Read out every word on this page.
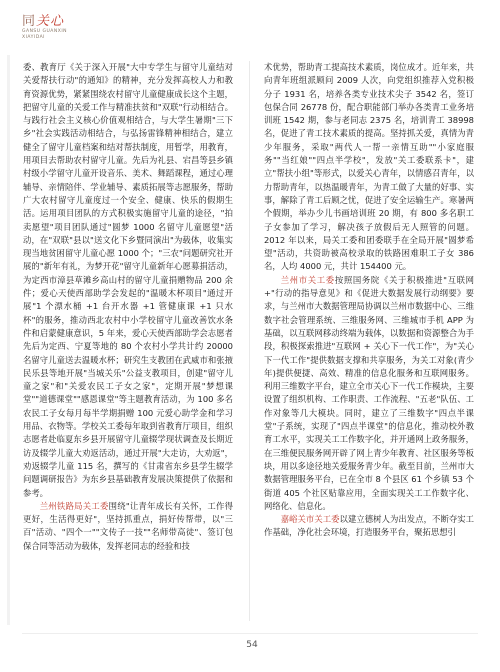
同关心
GANSU GUANXIN
XIAYIDAI

委、教育厅《关于深入开展"大中专学生与留守儿童结对关爱帮扶行动"的通知》的精神，充分发挥高校人力和教育资源优势，紧紧围绕农村留守儿童健康成长这个主题，把留守儿童的关爱工作与精准扶贫和"双联"行动相结合。与践行社会主义核心价值观相结合，与大学生暑期"三下乡"社会实践活动相结合，与弘扬雷锋精神相结合，建立健全了留守儿童档案和结对帮扶制度，用暂学，用教育，用项目去帮助农村留守儿童。先后为礼县、宕昌等县乡镇村级小学留守儿童开设音乐、美术、舞蹈课程，通过心理辅导、亲情陪伴、学业辅导、素质拓展等志愿服务，帮助广大农村留守儿童度过一个安全、健康、快乐的假期生活。运用项目团队的方式积极实施留守儿童的途径，"拍卖愿望"项目团队通过"圆梦 1000 名留守儿童愿望"活动，在"双联"县以"送文化下乡暨同演出"为载体，收集实现当地贫困留守儿童心愿 1000 个；"三农"问题研究社开展的"新年有礼，为梦开花"留守儿童新年心愿募捐活动，为定西市漳县草滩乡高山村的留守儿童捐赠物品 200 余件；爱心天使西部助学会发起的"温暖木杯项目"通过开展"1 个漂水桶 +1 台开水器 +1 管健康课 +1 只水杯"的服务，推动西北农村中小学校留守儿童改善饮水条件和启蒙健康意识，5 年来，爱心天使西部助学会志愿者先后为定西、宁夏等地的 80 个农村小学共计约 20000 名留守儿童送去温暖水杯；研究生支教团在武威市和张掖民乐县等地开展"当城关乐"公益支教项目，创建"留守儿童之家"和"关爱农民工子女之家"，定期开展"梦想课堂""道德课堂""感恩课堂"等主题教育活动，为 100 多名农民工子女每月每半学期捐赠 100 元爱心助学金和学习用品、衣物等。学校关工委每年取到省教育厅项目，组织志愿者赴临夏东乡县开展留守儿童辍学现状调查及长期近访及辍学儿童大劝返活动，通过开展"大走访，大劝返"，劝返辍学儿童 115 名，撰写的《甘肃省东乡县学生辍学问题调研报告》为东乡县基础教育发展决策提供了依据和参考。

兰州铁路局关工委围绕"让青年成长有关怀，工作得更好，生活得更好"，坚持抓重点，捐好传帮带，以"三百"活动、"四个一""文传子一技""名师带高徒"、签订包保合同等活动为载体，发挥老同志的经验和技

术优势，帮助青工提高技术素质，岗位成才。近年来，共向青年班组派顾问 2009 人次，向党组织推荐入党积极分子 1931 名，培养各类专业技术尖子 3542 名，签订包保合同 26778 份，配合职能部门举办各类青工业务培训班 1542 期，参与老同志 2375 名，培训青工 38998 名，促进了青工技术素质的提高。坚持抓关爱，真情为青少年服务，采取"两代人一帮一亲情互助""小家庭服务""当红娘""四点半学校"，发放"关工委联系卡"，建立"帮扶小组"等形式，以爱关心青年，以情感召青年，以力帮助青年，以热温暖青年，为青工做了大量的好事、实事，解除了青工后顾之忧，促进了安全运输生产。寒暑两个假期，举办少儿书画培训班 20 期，有 800 多名职工子女参加了学习，解决孩子放假后无人照管的问题。2012 年以来，局关工委和团委联手在全局开展"圆梦希望"活动，共资助被高校录取的铁路困难职工子女 386 名，人均 4000 元，共计 154400 元。

兰州市关工委按照国务院《关于积极推进"互联网 +"行动的指导意见》和《促进大数据发展行动纲要》要求，与兰州市大数据管理局协调以兰州市数据中心、三维数字社会管理系统、三维服务网、三维城市手机 APP 为基础，以互联网移动终端为载体，以数据和资源整合为手段，积极探索推进"互联网 + 关心下一代工作"，为"关心下一代工作"提供数据支撑和共享服务，为关工对象(青少年)提供便捷、高效、精准的信息化服务和互联网服务。利用三维数字平台，建立全市关心下一代工作模块，主要设置了组织机构、工作职责、工作流程、"五老"队伍、工作对象等几大模块。同时，建立了三维数字"四点半课堂"子系统，实现了"四点半课堂"的信息化，推动校外教育工水平，实现关工工作数字化，并开通网上政务服务，在三维便民服务网开辟了网上青少年教育、社区服务等板块，用以多途径地关爱服务青少年。截至目前，兰州市大数据管理服务平台，已在全市 8 个县区 61 个乡镇 53 个街道 405 个社区贴靠应用，全面实现关工工作数字化、网络化、信息化。

嘉峪关市关工委以建立德树人为出发点，不断夺实工作基础，净化社会环境，打造服务平台，聚拓思想引

54
